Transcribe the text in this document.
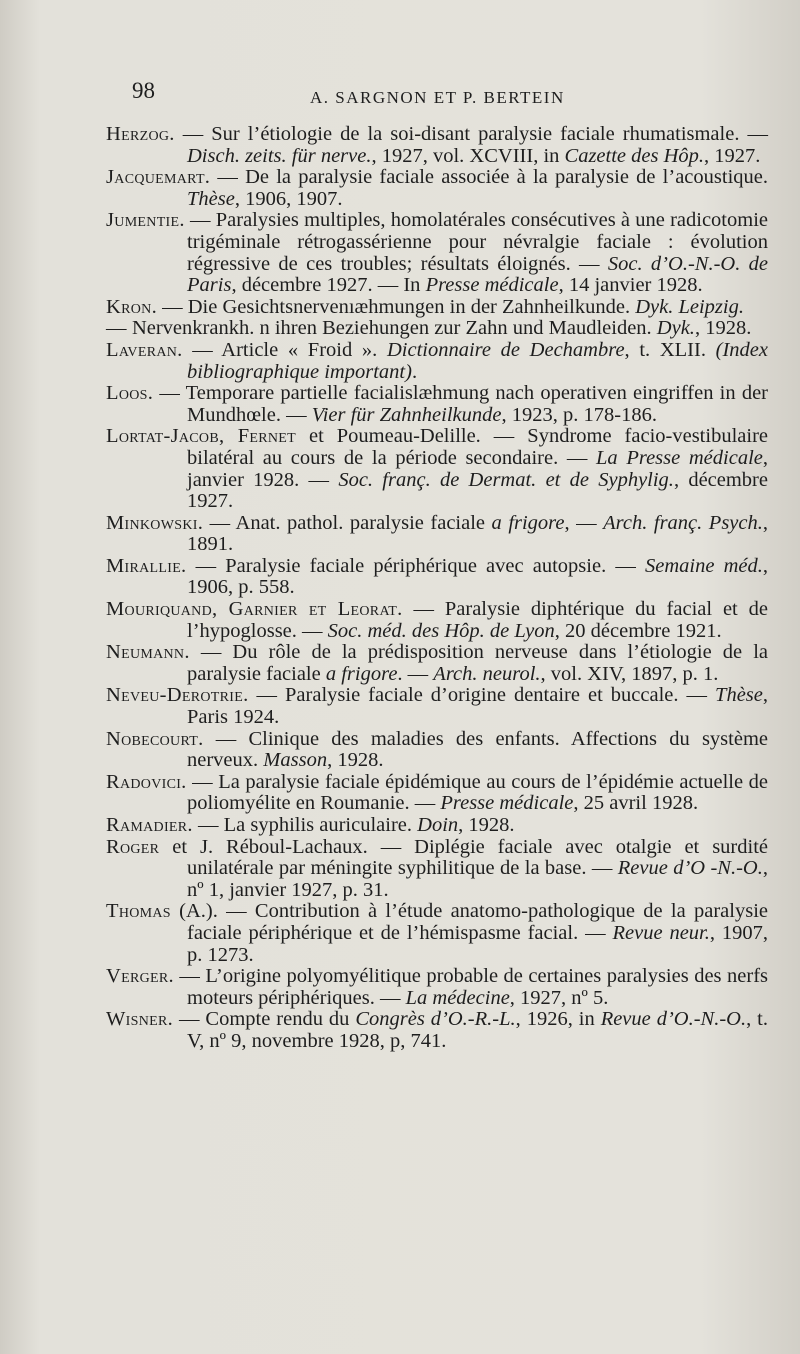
98	A. SARGNON ET P. BERTEIN
Herzog. — Sur l’étiologie de la soi-disant paralysie faciale rhumatismale. — Disch. zeits. für nerve., 1927, vol. XCVIII, in Cazette des Hôp., 1927.
Jacquemart. — De la paralysie faciale associée à la paralysie de l’acoustique. Thèse, 1906, 1907.
Jumentie. — Paralysies multiples, homolatérales consécutives à une radicotomie trigéminale rétrogassérienne pour névralgie faciale : évolution régressive de ces troubles; résultats éloignés. — Soc. d’O.-N.-O. de Paris, décembre 1927. — In Presse médicale, 14 janvier 1928.
Kron. — Die Gesichtsnervenıæhmungen in der Zahnheilkunde. Dyk. Leipzig.
— Nervenkrankh. n ihren Beziehungen zur Zahn und Maudleiden. Dyk., 1928.
Laveran. — Article « Froid ». Dictionnaire de Dechambre, t. XLII. (Index bibliographique important).
Loos. — Temporare partielle facialislæhmung nach operativen eingriffen in der Mundhœle. — Vier für Zahnheilkunde, 1923, p. 178-186.
Lortat-Jacob, Fernet et Poumeau-Delille. — Syndrome facio-vestibulaire bilatéral au cours de la période secondaire. — La Presse médicale, janvier 1928. — Soc. franç. de Dermat. et de Syphylig., décembre 1927.
Minkowski. — Anat. pathol. paralysie faciale a frigore, — Arch. franç. Psych., 1891.
Mirallie. — Paralysie faciale périphérique avec autopsie. — Semaine méd., 1906, p. 558.
Mouriquand, Garnier et Leorat. — Paralysie diphtérique du facial et de l’hypoglosse. — Soc. méd. des Hôp. de Lyon, 20 décembre 1921.
Neumann. — Du rôle de la prédisposition nerveuse dans l’étiologie de la paralysie faciale a frigore. — Arch. neurol., vol. XIV, 1897, p. 1.
Neveu-Derotrie. — Paralysie faciale d’origine dentaire et buccale. — Thèse, Paris 1924.
Nobecourt. — Clinique des maladies des enfants. Affections du système nerveux. Masson, 1928.
Radovici. — La paralysie faciale épidémique au cours de l’épidémie actuelle de poliomyélite en Roumanie. — Presse médicale, 25 avril 1928.
Ramadier. — La syphilis auriculaire. Doin, 1928.
Roger et J. Réboul-Lachaux. — Diplégie faciale avec otalgie et surdité unilatérale par méningite syphilitique de la base. — Revue d’O -N.-O., nº 1, janvier 1927, p. 31.
Thomas (A.). — Contribution à l’étude anatomo-pathologique de la paralysie faciale périphérique et de l’hémispasme facial. — Revue neur., 1907, p. 1273.
Verger. — L’origine polyomyélitique probable de certaines paralysies des nerfs moteurs périphériques. — La médecine, 1927, nº 5.
Wisner. — Compte rendu du Congrès d’O.-R.-L., 1926, in Revue d’O.-N.-O., t. V, nº 9, novembre 1928, p, 741.
